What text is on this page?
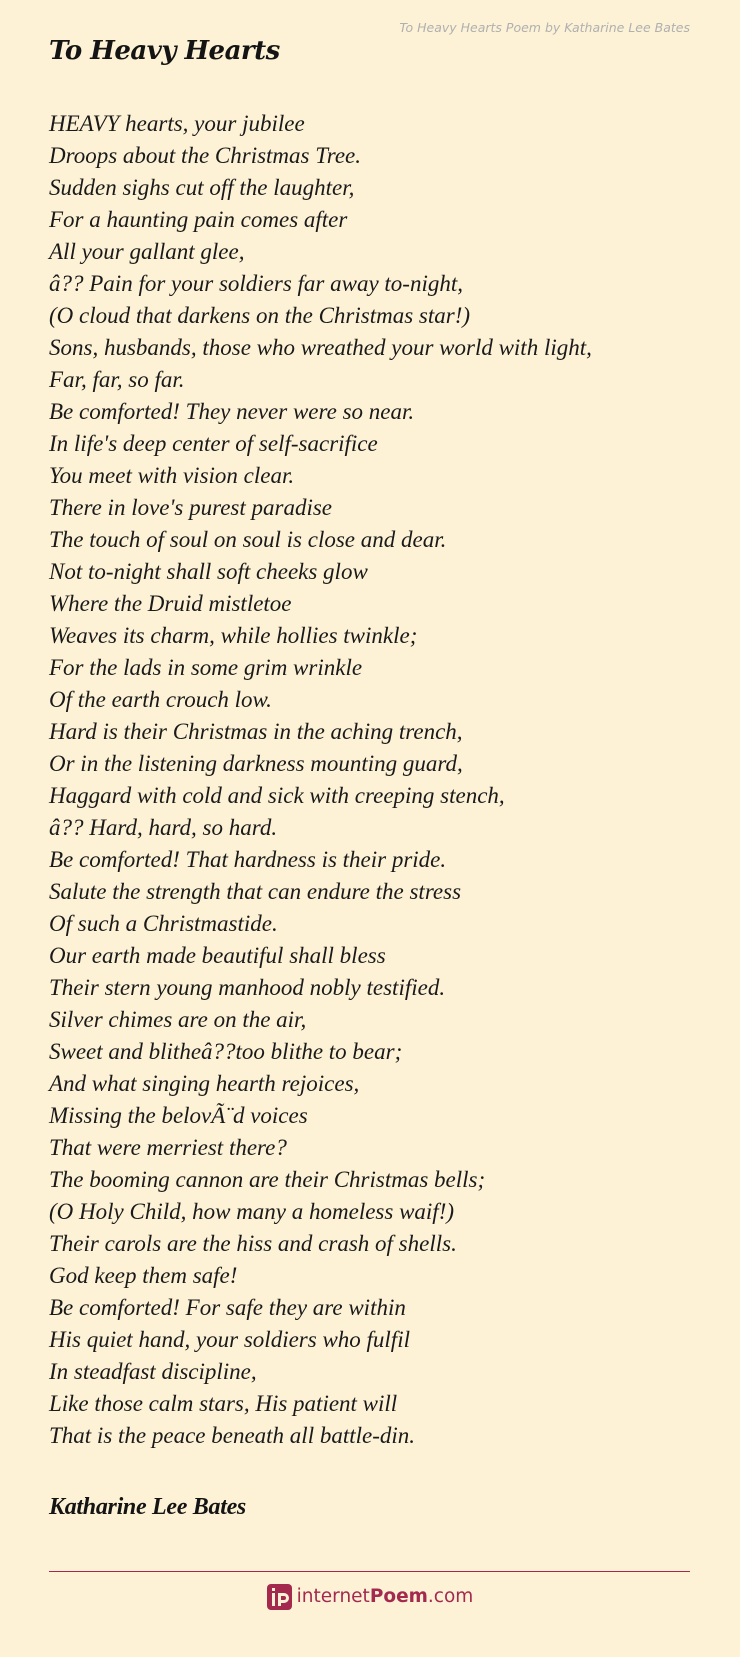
To Heavy Hearts Poem by Katharine Lee Bates
To Heavy Hearts
HEAVY hearts, your jubilee
Droops about the Christmas Tree.
Sudden sighs cut off the laughter,
For a haunting pain comes after
All your gallant glee,
â?? Pain for your soldiers far away to-night,
(O cloud that darkens on the Christmas star!)
Sons, husbands, those who wreathed your world with light,
Far, far, so far.
Be comforted! They never were so near.
In life's deep center of self-sacrifice
You meet with vision clear.
There in love's purest paradise
The touch of soul on soul is close and dear.
Not to-night shall soft cheeks glow
Where the Druid mistletoe
Weaves its charm, while hollies twinkle;
For the lads in some grim wrinkle
Of the earth crouch low.
Hard is their Christmas in the aching trench,
Or in the listening darkness mounting guard,
Haggard with cold and sick with creeping stench,
â?? Hard, hard, so hard.
Be comforted! That hardness is their pride.
Salute the strength that can endure the stress
Of such a Christmastide.
Our earth made beautiful shall bless
Their stern young manhood nobly testified.
Silver chimes are on the air,
Sweet and blitheâ??too blithe to bear;
And what singing hearth rejoices,
Missing the belovÃ¨d voices
That were merriest there?
The booming cannon are their Christmas bells;
(O Holy Child, how many a homeless waif!)
Their carols are the hiss and crash of shells.
God keep them safe!
Be comforted! For safe they are within
His quiet hand, your soldiers who fulfil
In steadfast discipline,
Like those calm stars, His patient will
That is the peace beneath all battle-din.
Katharine Lee Bates
internetPoem.com
